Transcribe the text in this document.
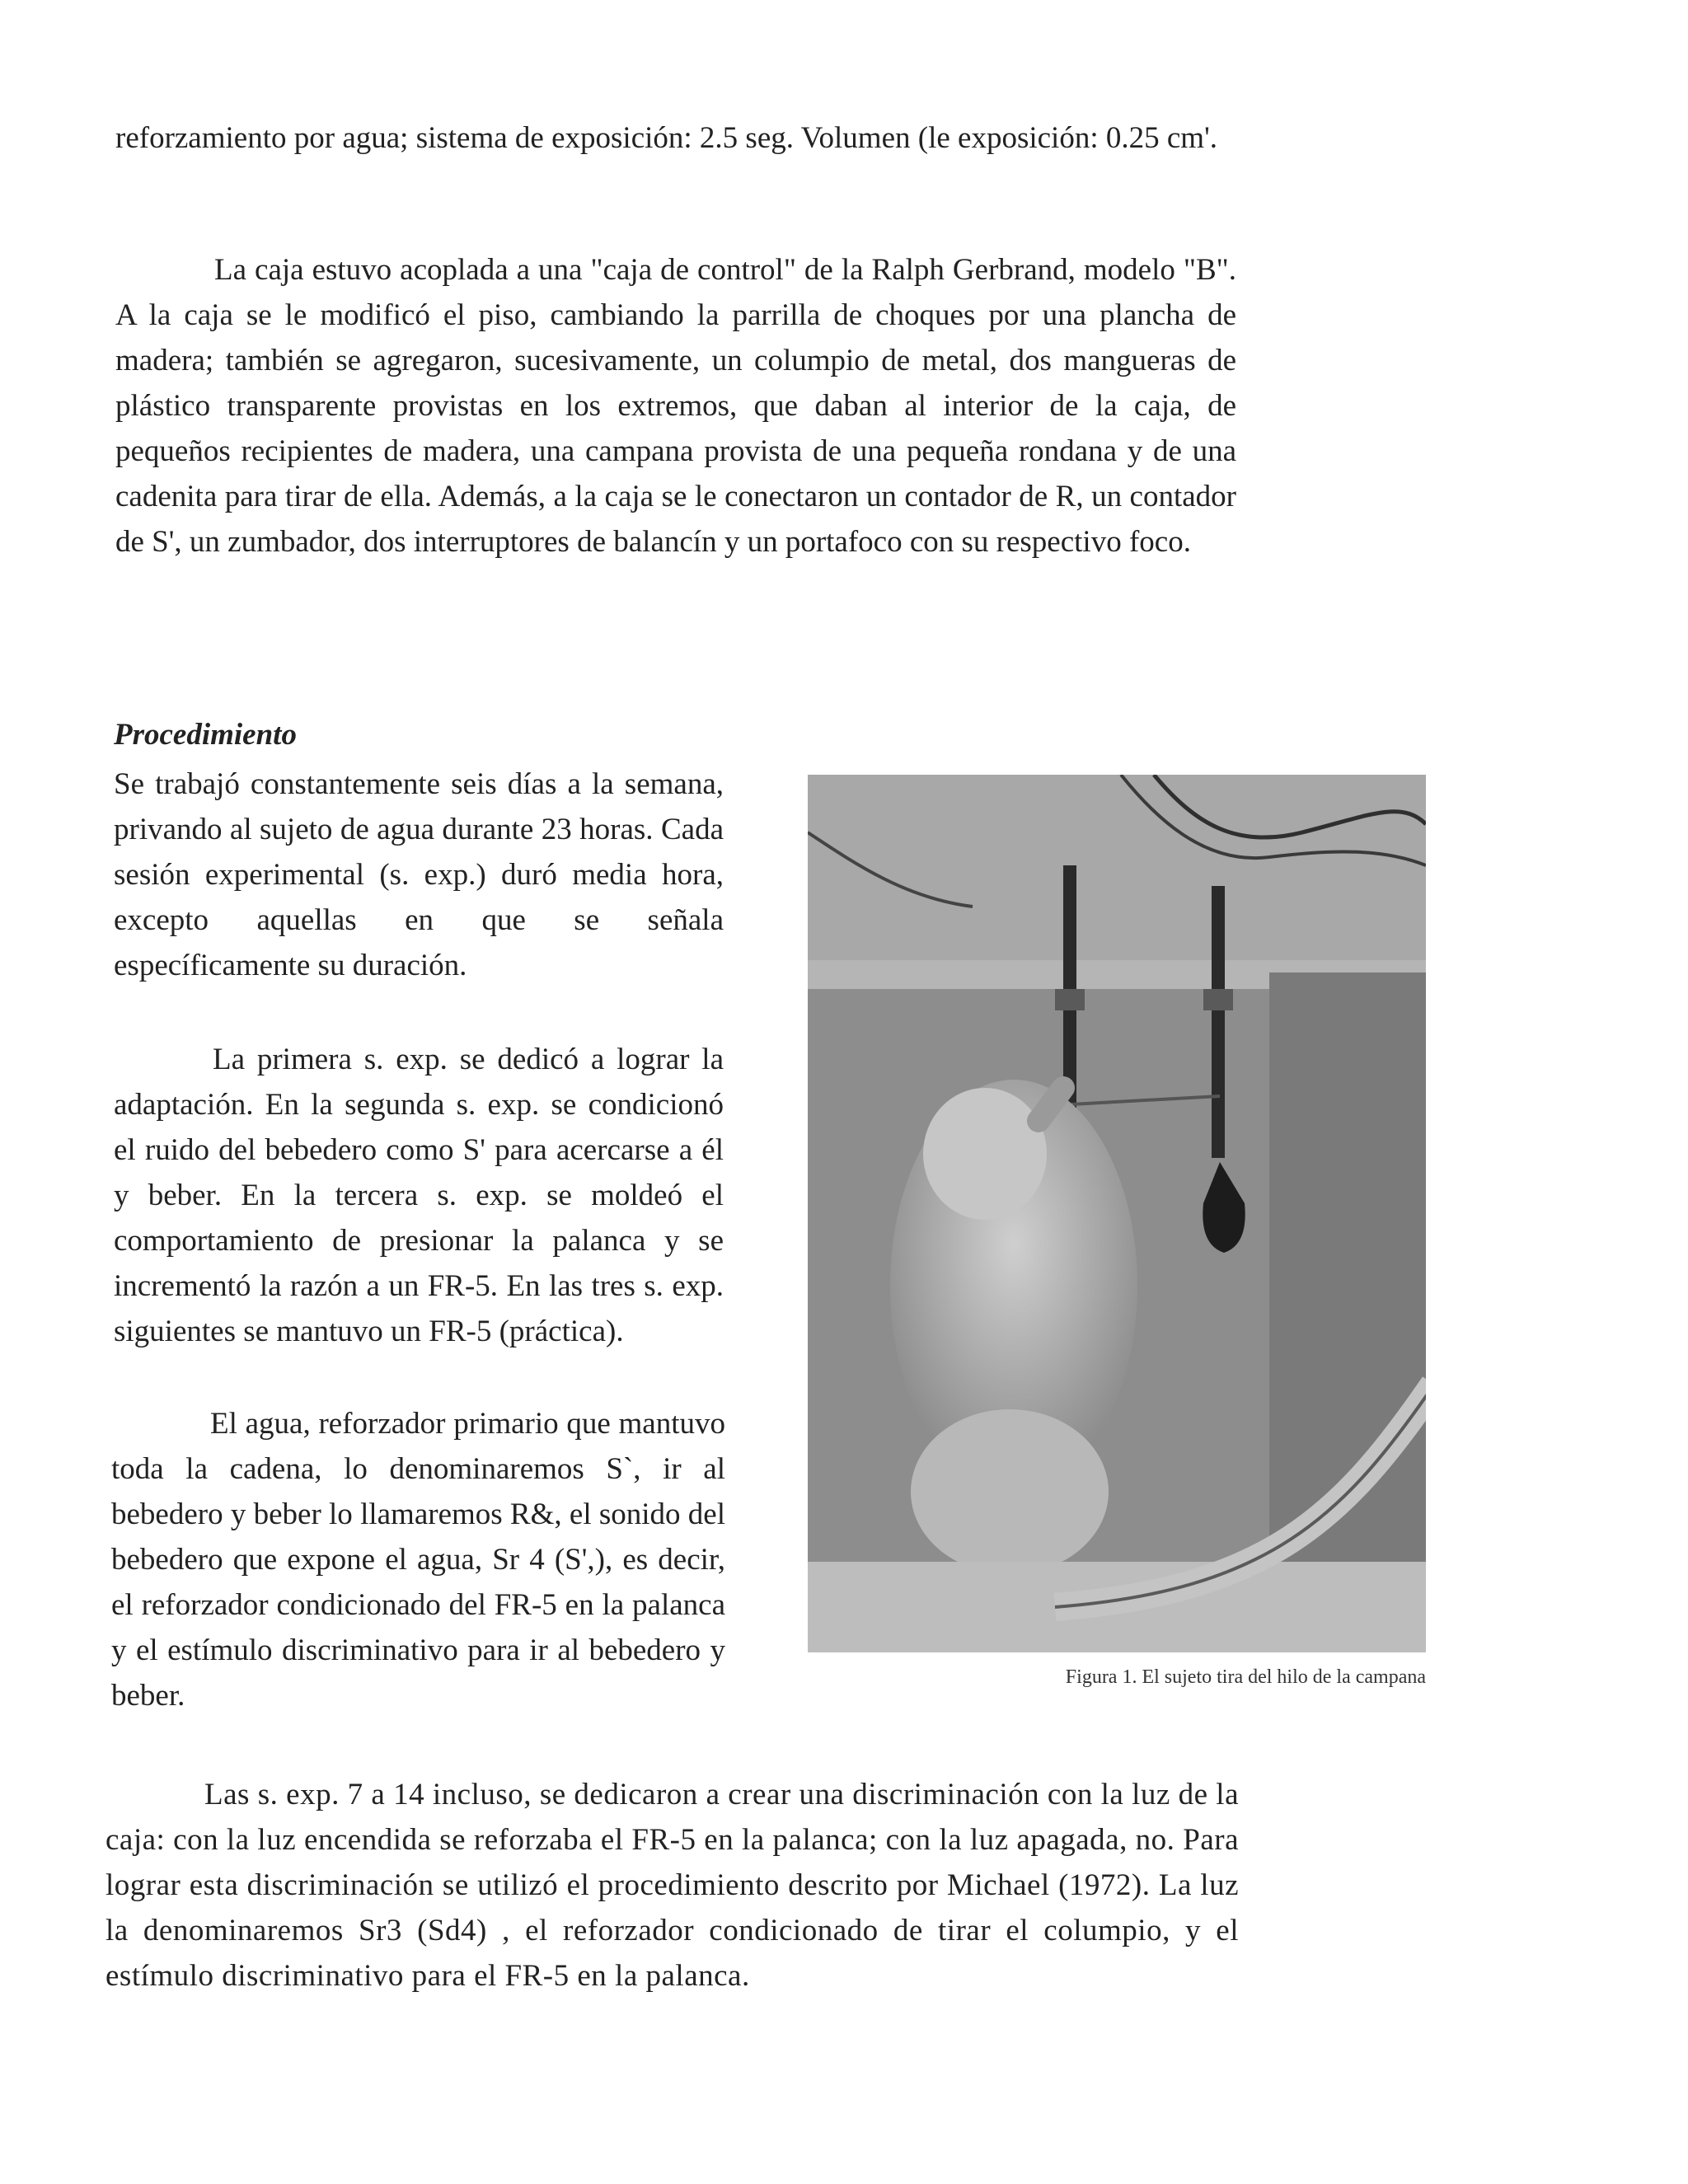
reforzamiento por agua; sistema de exposición: 2.5 seg. Volumen (le exposición: 0.25 cm'.

La caja estuvo acoplada a una "caja de control" de la Ralph Gerbrand, modelo "B". A la caja se le modificó el piso, cambiando la parrilla de choques por una plancha de madera; también se agregaron, sucesivamente, un columpio de metal, dos mangueras de plástico transparente provistas en los extremos, que daban al interior de la caja, de pequeños recipientes de madera, una campana provista de una pequeña rondana y de una cadenita para tirar de ella. Además, a la caja se le conectaron un contador de R, un contador de S', un zumbador, dos interruptores de balancín y un portafoco con su respectivo foco.

Procedimiento

Se trabajó constantemente seis días a la semana, privando al sujeto de agua durante 23 horas. Cada sesión experimental (s. exp.) duró media hora, excepto aquellas en que se señala específicamente su duración.

La primera s. exp. se dedicó a lograr la adaptación. En la segunda s. exp. se condicionó el ruido del bebedero como S' para acercarse a él y beber. En la tercera s. exp. se moldeó el comportamiento de presionar la palanca y se incrementó la razón a un FR-5. En las tres s. exp. siguientes se mantuvo un FR-5 (práctica).

El agua, reforzador primario que mantuvo toda la cadena, lo denominaremos S`, ir al bebedero y beber lo llamaremos R&, el sonido del bebedero que expone el agua, Sr 4 (S',), es decir, el reforzador condicionado del FR-5 en la palanca y el estímulo discriminativo para ir al bebedero y beber.

Figura 1. El sujeto tira del hilo de la campana

Las s. exp. 7 a 14 incluso, se dedicaron a crear una discriminación con la luz de la caja: con la luz encendida se reforzaba el FR-5 en la palanca; con la luz apagada, no. Para lograr esta discriminación se utilizó el procedimiento descrito por Michael (1972). La luz la denominaremos Sr3 (Sd4) , el reforzador condicionado de tirar el columpio, y el estímulo discriminativo para el FR-5 en la palanca.
